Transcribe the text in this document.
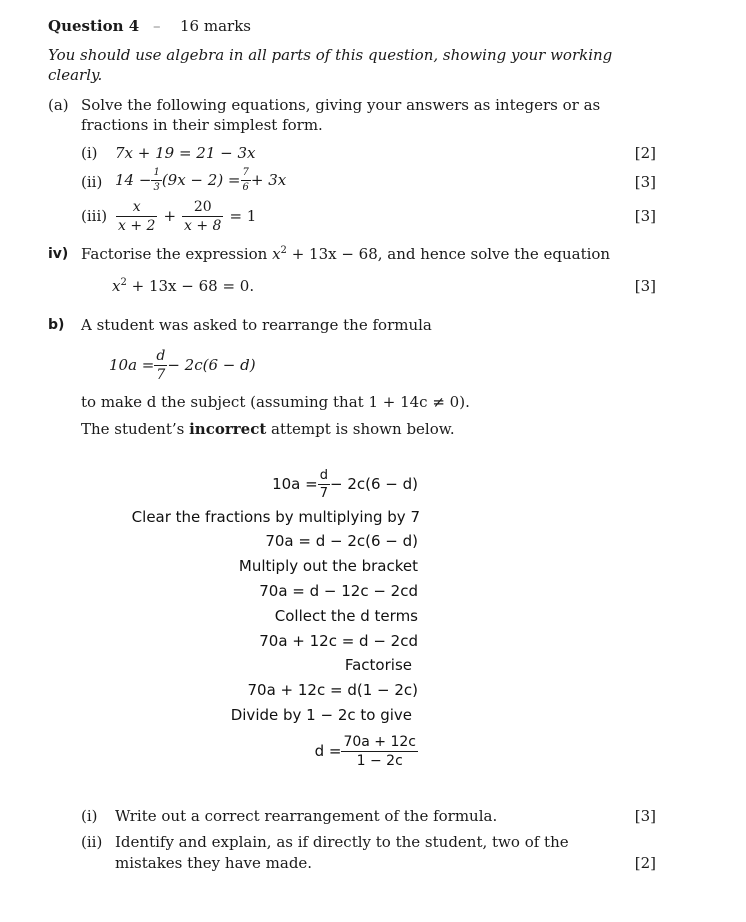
Question 4 – 16 marks
You should use algebra in all parts of this question, showing your working
clearly.
(a) Solve the following equations, giving your answers as integers or as
fractions in their simplest form.
(i) 7x + 19 = 21 − 3x	[2]
(ii) $14 - \frac{1}{3} (9x - 2) = \frac{7}{6} + 3x$	[3]
$(iii) \frac{x}{x + 2} + \frac{20}{x + 8} = 1$	[3]
iv) Factorise the expression $x^2 + 13x - 68$, and hence solve the equation
$x^2 + 13x - 68 = 0$.	[3]
b) A student was asked to rearrange the formula
$10a = \frac{d}{7} - 2c(6 - d)$
to make d the subject (assuming that 1 + 14c ≠ 0).
The student’s incorrect attempt is shown below.
$10a = \frac{d}{7} - 2c(6 - d)$
Clear the fractions by multiplying by 7
70a = d − 2c(6 − d)
Multiply out the bracket
70a = d − 12c − 2cd
Collect the d terms
70a + 12c = d − 2cd
Factorise
70a + 12c = d(1 − 2c)
Divide by 1 − 2c to give
$d = \frac{70a + 12c}{1 - 2c}$
(i) Write out a correct rearrangement of the formula.	[3]
(ii) Identify and explain, as if directly to the student, two of the
mistakes they have made.	[2]
